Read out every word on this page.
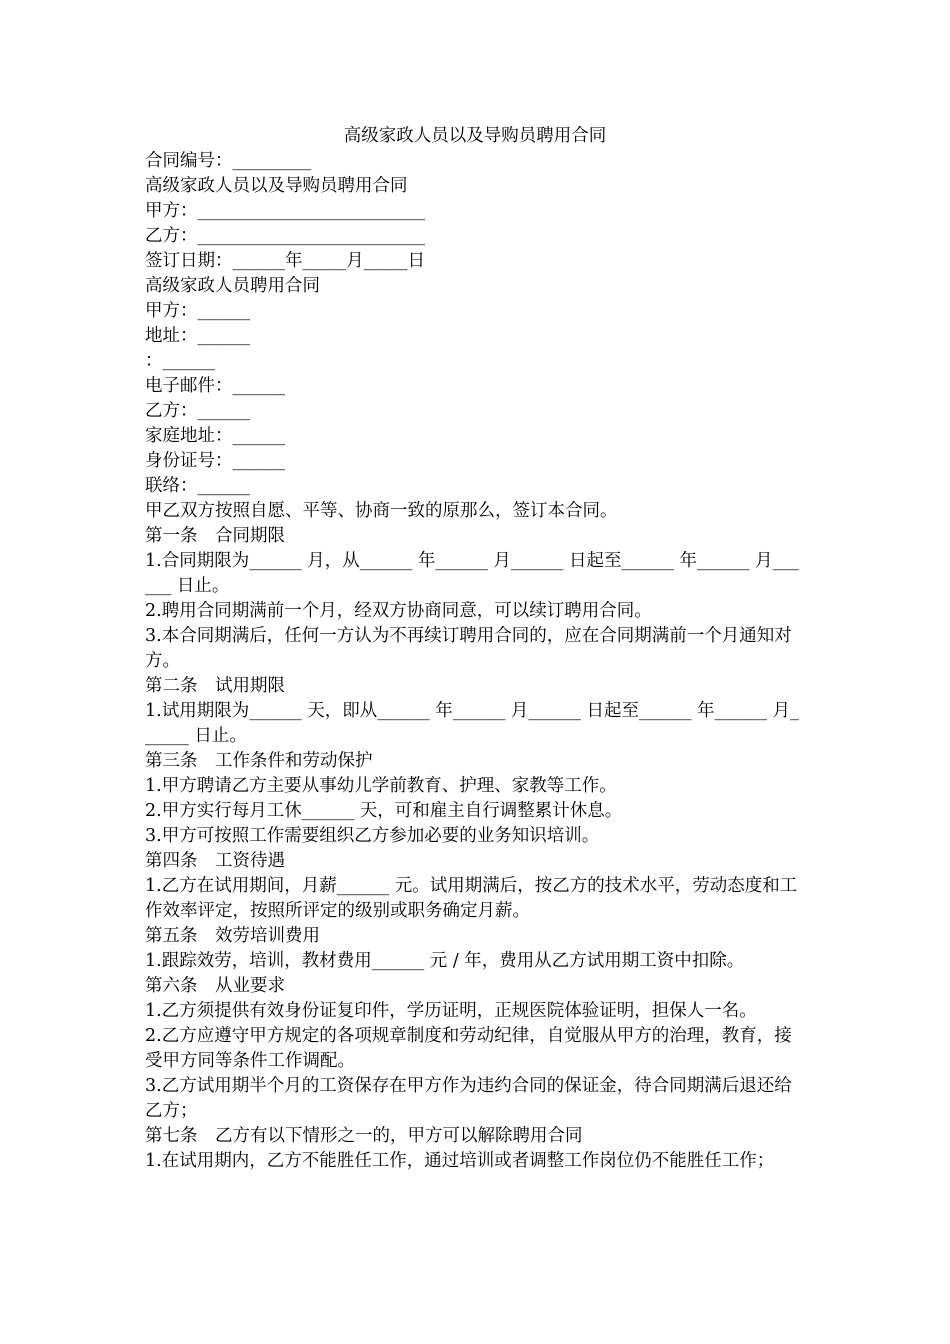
高级家政人员以及导购员聘用合同

合同编号：_________

高级家政人员以及导购员聘用合同

甲方：__________________________

乙方：__________________________

签订日期：______年_____月_____日

高级家政人员聘用合同

甲方：______

地址：______

：______

电子邮件：______

乙方：______

家庭地址：______

身份证号：______

联络：______

甲乙双方按照自愿、平等、协商一致的原那么，签订本合同。

第一条　合同期限

1.合同期限为______ 月，从______ 年______ 月______ 日起至______ 年______ 月______ 日止。

2.聘用合同期满前一个月，经双方协商同意，可以续订聘用合同。

3.本合同期满后，任何一方认为不再续订聘用合同的，应在合同期满前一个月通知对方。

第二条　试用期限

1.试用期限为______ 天，即从______ 年______ 月______ 日起至______ 年______ 月______ 日止。

第三条　工作条件和劳动保护

1.甲方聘请乙方主要从事幼儿学前教育、护理、家教等工作。

2.甲方实行每月工休______ 天，可和雇主自行调整累计休息。

3.甲方可按照工作需要组织乙方参加必要的业务知识培训。

第四条　工资待遇

1.乙方在试用期间，月薪______ 元。试用期满后，按乙方的技术水平，劳动态度和工作效率评定，按照所评定的级别或职务确定月薪。

第五条　效劳培训费用

1.跟踪效劳，培训，教材费用______ 元 / 年，费用从乙方试用期工资中扣除。

第六条　从业要求

1.乙方须提供有效身份证复印件，学历证明，正规医院体验证明，担保人一名。

2.乙方应遵守甲方规定的各项规章制度和劳动纪律，自觉服从甲方的治理，教育，接受甲方同等条件工作调配。

3.乙方试用期半个月的工资保存在甲方作为违约合同的保证金，待合同期满后退还给乙方；

第七条　乙方有以下情形之一的，甲方可以解除聘用合同

1.在试用期内，乙方不能胜任工作，通过培训或者调整工作岗位仍不能胜任工作；
